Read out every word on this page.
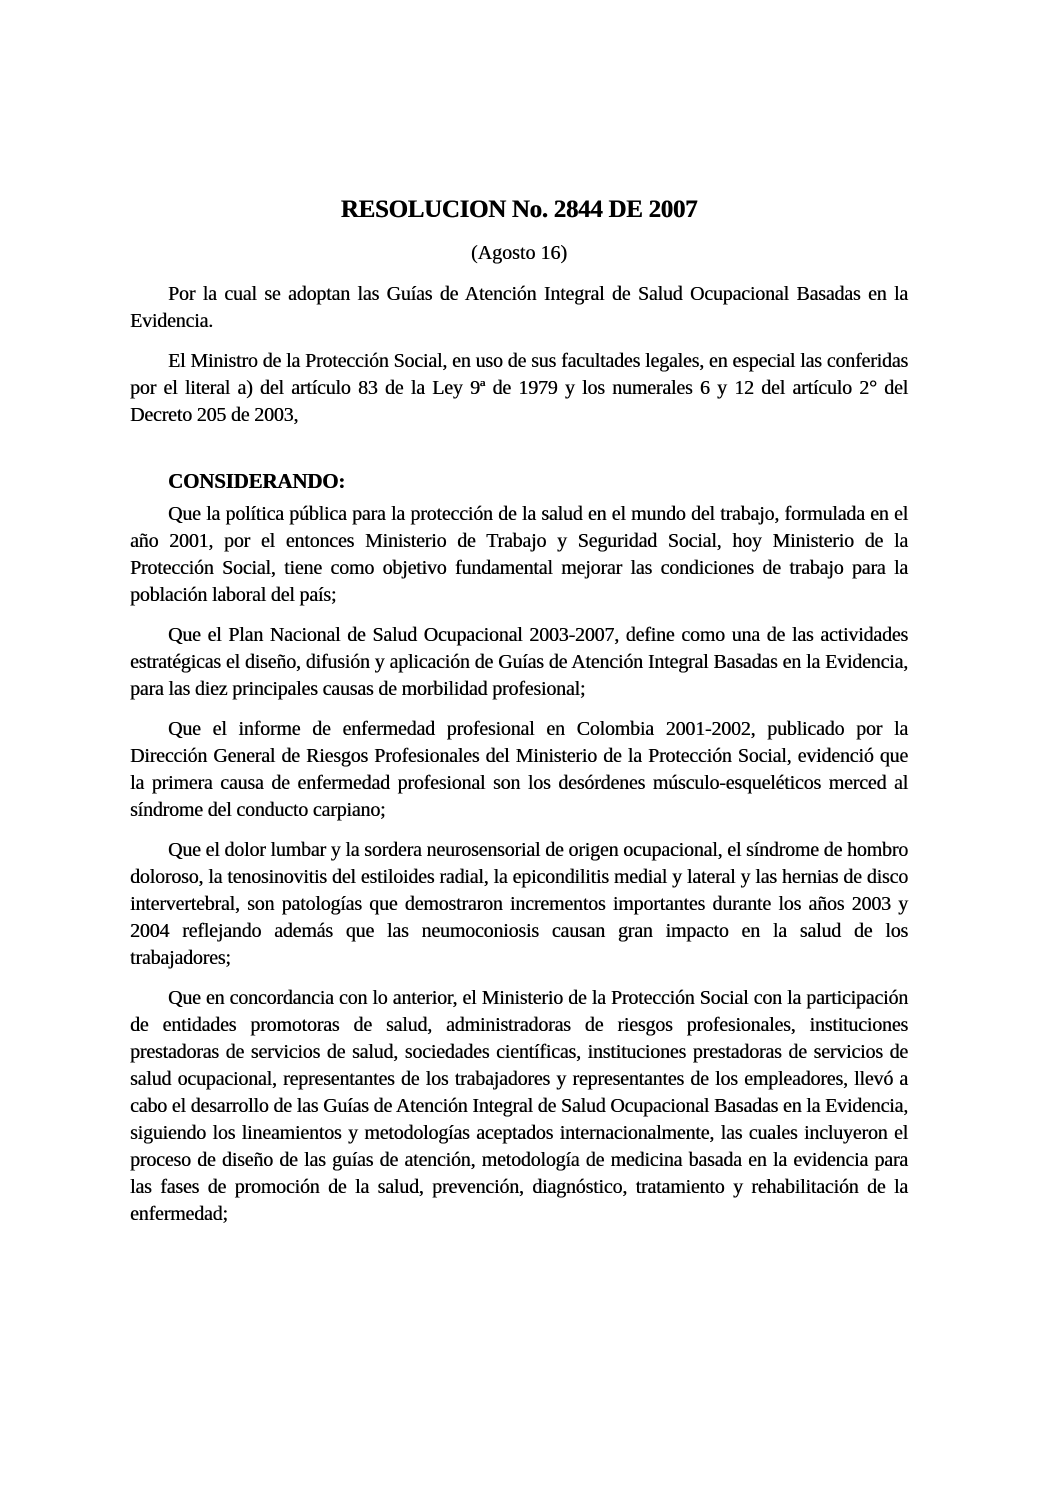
RESOLUCION No. 2844 DE 2007
(Agosto 16)

Por la cual se adoptan las Guías de Atención Integral de Salud Ocupacional Basadas en la Evidencia.

El Ministro de la Protección Social, en uso de sus facultades legales, en especial las conferidas por el literal a) del artículo 83 de la Ley 9ª de 1979 y los numerales 6 y 12 del artículo 2° del Decreto 205 de 2003,

CONSIDERANDO:

Que la política pública para la protección de la salud en el mundo del trabajo, formulada en el año 2001, por el entonces Ministerio de Trabajo y Seguridad Social, hoy Ministerio de la Protección Social, tiene como objetivo fundamental mejorar las condiciones de trabajo para la población laboral del país;

Que el Plan Nacional de Salud Ocupacional 2003-2007, define como una de las actividades estratégicas el diseño, difusión y aplicación de Guías de Atención Integral Basadas en la Evidencia, para las diez principales causas de morbilidad profesional;

Que el informe de enfermedad profesional en Colombia 2001-2002, publicado por la Dirección General de Riesgos Profesionales del Ministerio de la Protección Social, evidenció que la primera causa de enfermedad profesional son los desórdenes músculo-esqueléticos merced al síndrome del conducto carpiano;

Que el dolor lumbar y la sordera neurosensorial de origen ocupacional, el síndrome de hombro doloroso, la tenosinovitis del estiloides radial, la epicondilitis medial y lateral y las hernias de disco intervertebral, son patologías que demostraron incrementos importantes durante los años 2003 y 2004 reflejando además que las neumoconiosis causan gran impacto en la salud de los trabajadores;

Que en concordancia con lo anterior, el Ministerio de la Protección Social con la participación de entidades promotoras de salud, administradoras de riesgos profesionales, instituciones prestadoras de servicios de salud, sociedades científicas, instituciones prestadoras de servicios de salud ocupacional, representantes de los trabajadores y representantes de los empleadores, llevó a cabo el desarrollo de las Guías de Atención Integral de Salud Ocupacional Basadas en la Evidencia, siguiendo los lineamientos y metodologías aceptados internacionalmente, las cuales incluyeron el proceso de diseño de las guías de atención, metodología de medicina basada en la evidencia para las fases de promoción de la salud, prevención, diagnóstico, tratamiento y rehabilitación de la enfermedad;
